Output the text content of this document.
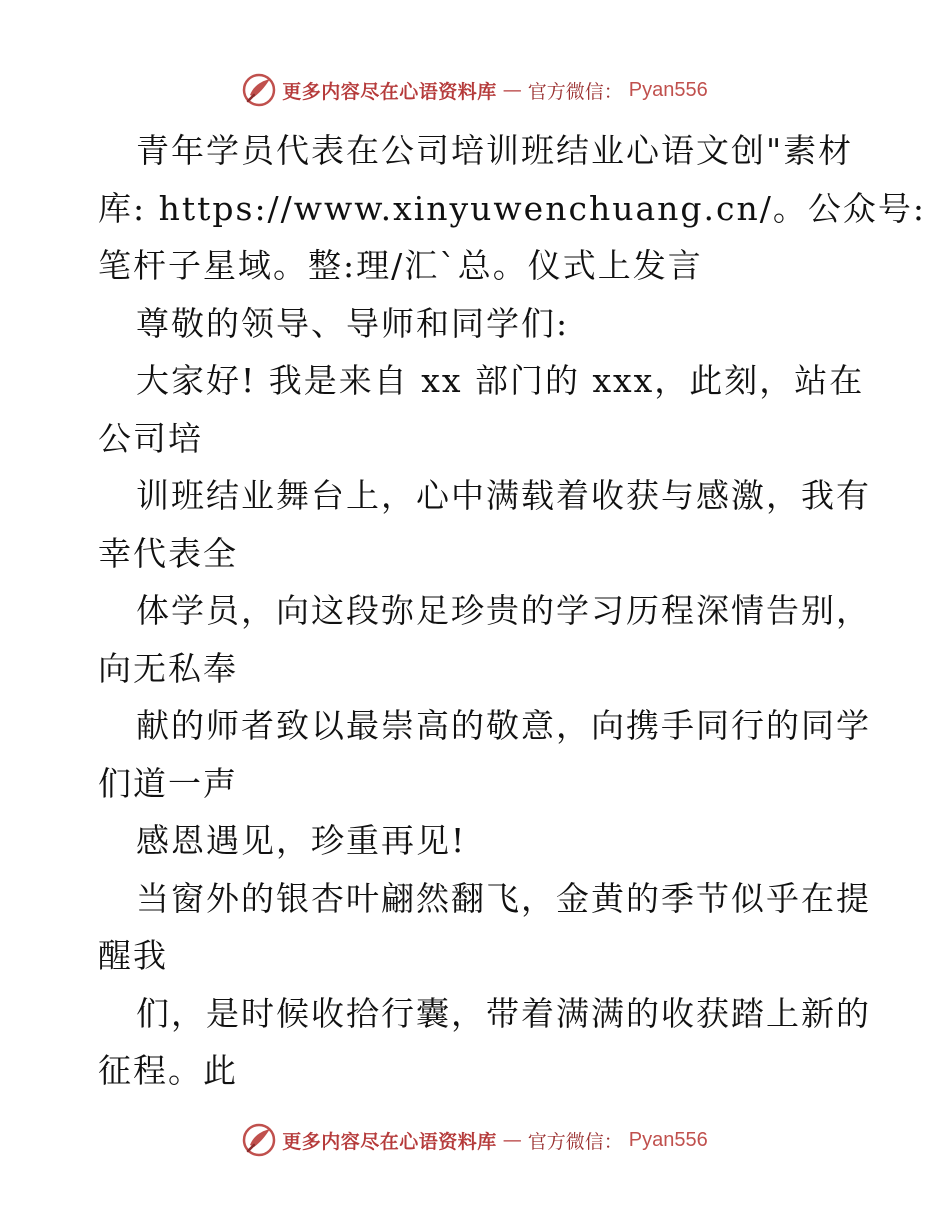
更多内容尽在心语资料库 — 官方微信： Pyan556
青年学员代表在公司培训班结业心语文创"素材
库: https://www.xinyuwenchuang.cn/。公众号:
笔杆子星域。整:理/汇`总。仪式上发言
尊敬的领导、导师和同学们:
大家好! 我是来自 xx 部门的 xxx，此刻，站在
公司培
训班结业舞台上，心中满载着收获与感激，我有
幸代表全
体学员，向这段弥足珍贵的学习历程深情告别，
向无私奉
献的师者致以最崇高的敬意，向携手同行的同学
们道一声
感恩遇见，珍重再见!
当窗外的银杏叶翩然翻飞，金黄的季节似乎在提
醒我
们，是时候收拾行囊，带着满满的收获踏上新的
征程。此
更多内容尽在心语资料库 — 官方微信： Pyan556
